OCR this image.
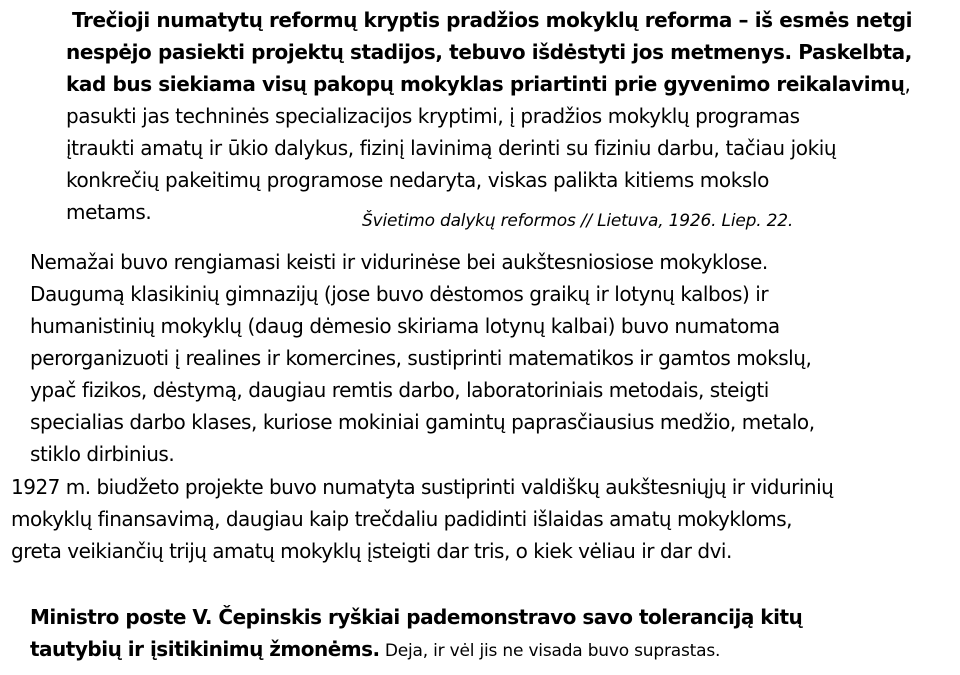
Trečioji numatytų reformų kryptis pradžios mokyklų reforma – iš esmės netgi
nespėjo pasiekti projektų stadijos, tebuvo išdėstyti jos metmenys. Paskelbta,
kad bus siekiama visų pakopų mokyklas priartinti prie gyvenimo reikalavimų,
pasukti jas techninės specializacijos kryptimi, į pradžios mokyklų programas
įtraukti amatų ir ūkio dalykus, fizinį lavinimą derinti su fiziniu darbu, tačiau jokių
konkrečių pakeitimų programose nedaryta, viskas palikta kitiems mokslo
metams.	Švietimo dalykų reformos // Lietuva, 1926. Liep. 22.
Nemažai buvo rengiamasi keisti ir vidurinėse bei aukštesniosiose mokyklose.
Daugumą klasikinių gimnazijų (jose buvo dėstomos graikų ir lotynų kalbos) ir
humanistinių mokyklų (daug dėmesio skiriama lotynų kalbai) buvo numatoma
perorganizuoti į realines ir komercines, sustiprinti matematikos ir gamtos mokslų,
ypač fizikos, dėstymą, daugiau remtis darbo, laboratoriniais metodais, steigti
specialias darbo klases, kuriose mokiniai gamintų paprasčiausius medžio, metalo,
stiklo dirbinius.
1927 m. biudžeto projekte buvo numatyta sustiprinti valdiškų aukštesniųjų ir vidurinių
mokyklų finansavimą, daugiau kaip trečdaliu padidinti išlaidas amatų mokykloms,
greta veikiančių trijų amatų mokyklų įsteigti dar tris, o kiek vėliau ir dar dvi.
Ministro poste V. Čepinskis ryškiai pademonstravo savo toleranciją kitų
tautybių ir įsitikinimų žmonėms. Deja, ir vėl jis ne visada buvo suprastas.
